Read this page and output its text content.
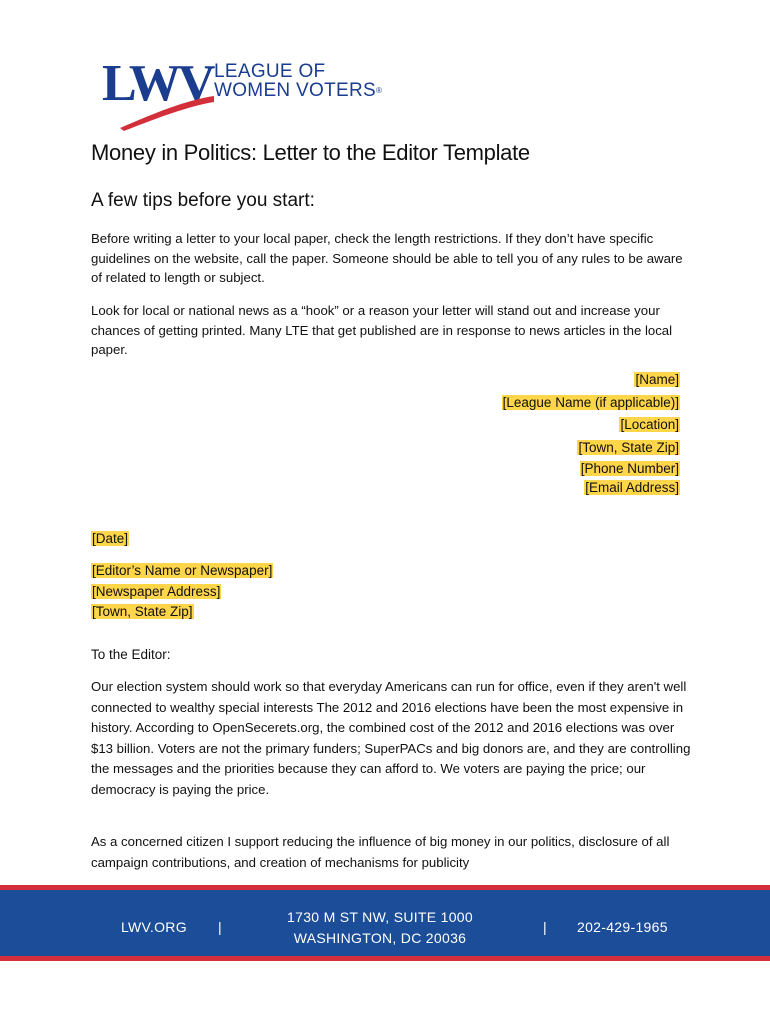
LWV LEAGUE OF
WOMEN VOTERS®
Money in Politics: Letter to the Editor Template
A few tips before you start:

Before writing a letter to your local paper, check the length restrictions. If they don’t have specific guidelines on the website, call the paper. Someone should be able to tell you of any rules to be aware of related to length or subject.

Look for local or national news as a “hook” or a reason your letter will stand out and increase your chances of getting printed. Many LTE that get published are in response to news articles in the local paper.

[Name]
[League Name (if applicable)]
[Location]
[Town, State Zip]
[Phone Number]
[Email Address]
[Date]
[Editor’s Name or Newspaper]
[Newspaper Address]
[Town, State Zip]
To the Editor:

Our election system should work so that everyday Americans can run for office, even if they aren't well connected to wealthy special interests The 2012 and 2016 elections have been the most expensive in history. According to OpenSecerets.org, the combined cost of the 2012 and 2016 elections was over $13 billion. Voters are not the primary funders; SuperPACs and big donors are, and they are controlling the messages and the priorities because they can afford to. We voters are paying the price; our democracy is paying the price.

As a concerned citizen I support reducing the influence of big money in our politics, disclosure of all campaign contributions, and creation of mechanisms for publicity

LWV.ORG |
1730 M ST NW, SUITE 1000
WASHINGTON, DC 20036
| 202-429-1965
